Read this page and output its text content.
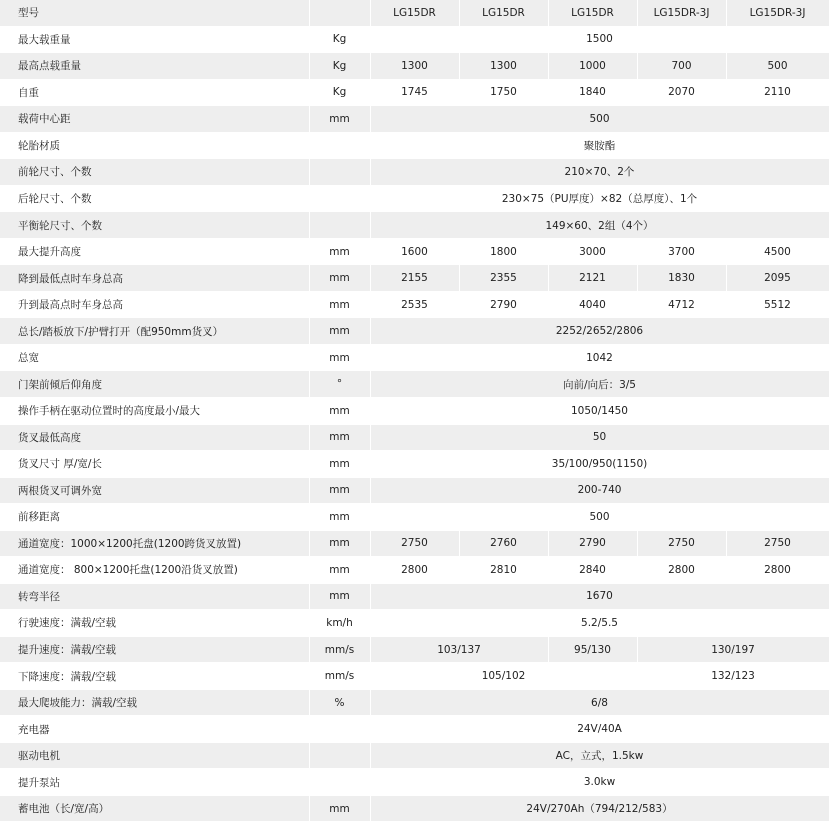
型号		LG15DR	LG15DR	LG15DR	LG15DR-3J	LG15DR-3J
最大载重量	Kg	1500				
最高点载重量	Kg	1300	1300	1000	700	500
自重	Kg	1745	1750	1840	2070	2110
载荷中心距	mm	500				
轮胎材质		聚胺酯				
前轮尺寸、个数		210×70、2个				
后轮尺寸、个数		230×75（PU厚度）×82（总厚度）、1个				
平衡轮尺寸、个数		149×60、2组（4个）				
最大提升高度	mm	1600	1800	3000	3700	4500
降到最低点时车身总高	mm	2155	2355	2121	1830	2095
升到最高点时车身总高	mm	2535	2790	4040	4712	5512
总长/踏板放下/护臂打开（配950mm货叉）	mm	2252/2652/2806				
总宽	mm	1042				
门架前倾后仰角度	°	向前/向后：3/5				
操作手柄在驱动位置时的高度最小/最大	mm	1050/1450				
货叉最低高度	mm	50				
货叉尺寸 厚/宽/长	mm	35/100/950(1150)				
两根货叉可调外宽	mm	200-740				
前移距离	mm	500				
通道宽度：1000×1200托盘(1200跨货叉放置)	mm	2750	2760	2790	2750	2750
通道宽度： 800×1200托盘(1200沿货叉放置)	mm	2800	2810	2840	2800	2800
转弯半径	mm	1670				
行驶速度：满载/空载	km/h	5.2/5.5				
提升速度：满载/空载	mm/s	103/137		95/130	130/197	
下降速度：满载/空载	mm/s	105/102			132/123	
最大爬坡能力：满载/空载	%	6/8				
充电器		24V/40A				
驱动电机		AC，立式，1.5kw				
提升泵站		3.0kw				
蓄电池（长/宽/高）	mm	24V/270Ah（794/212/583）				
